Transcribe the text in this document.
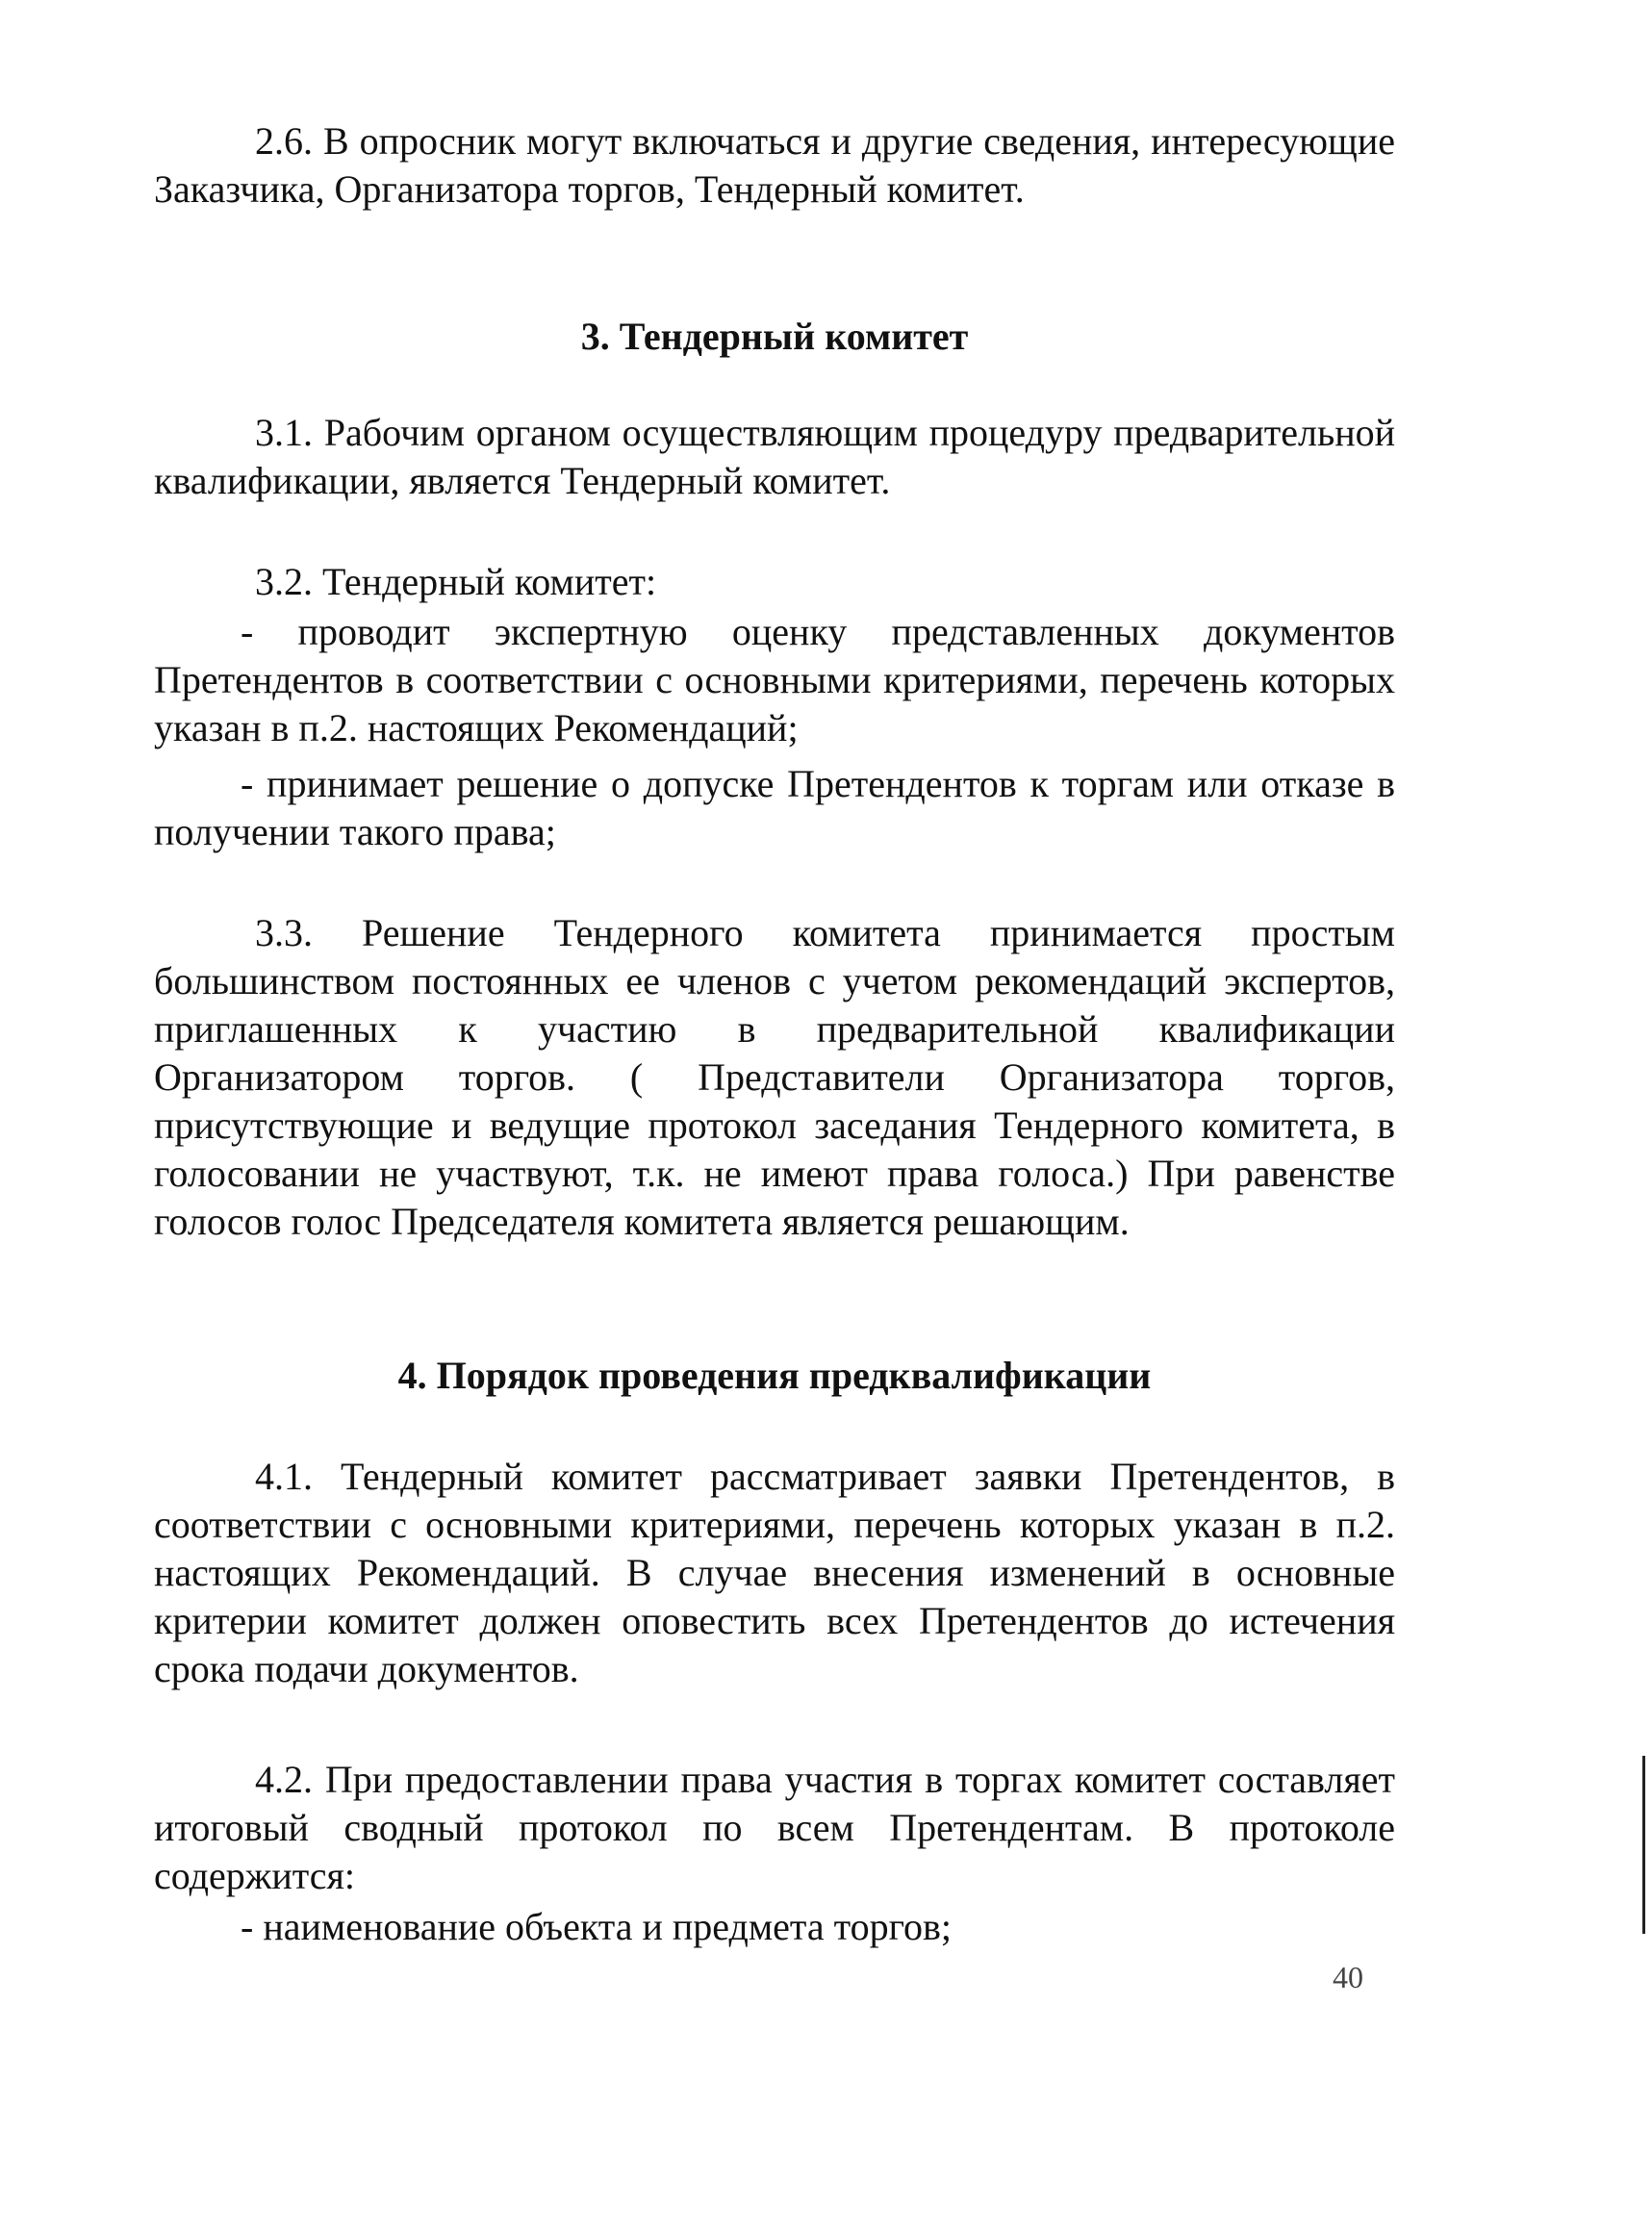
2.6. В опросник могут включаться и другие сведения, интересующие Заказчика, Организатора торгов, Тендерный комитет.

3. Тендерный комитет

3.1. Рабочим органом осуществляющим процедуру предварительной квалификации, является Тендерный комитет.

3.2. Тендерный комитет:

- проводит экспертную оценку представленных документов Претендентов в соответствии с основными критериями, перечень которых указан в п.2. настоящих Рекомендаций;

- принимает решение о допуске Претендентов к торгам или отказе в получении такого права;

3.3. Решение Тендерного комитета принимается простым большинством постоянных ее членов с учетом рекомендаций экспертов, приглашенных к участию в предварительной квалификации Организатором торгов. ( Представители Организатора торгов, присутствующие и ведущие протокол заседания Тендерного комитета, в голосовании не участвуют, т.к. не имеют права голоса.) При равенстве голосов голос Председателя комитета является решающим.

4. Порядок проведения предквалификации

4.1. Тендерный комитет рассматривает заявки Претендентов, в соответствии с основными критериями, перечень которых указан в п.2. настоящих Рекомендаций. В случае внесения изменений в основные критерии комитет должен оповестить всех Претендентов до истечения срока подачи документов.

4.2. При предоставлении права участия в торгах комитет составляет итоговый сводный протокол по всем Претендентам. В протоколе содержится:

- наименование объекта и предмета торгов;

40
